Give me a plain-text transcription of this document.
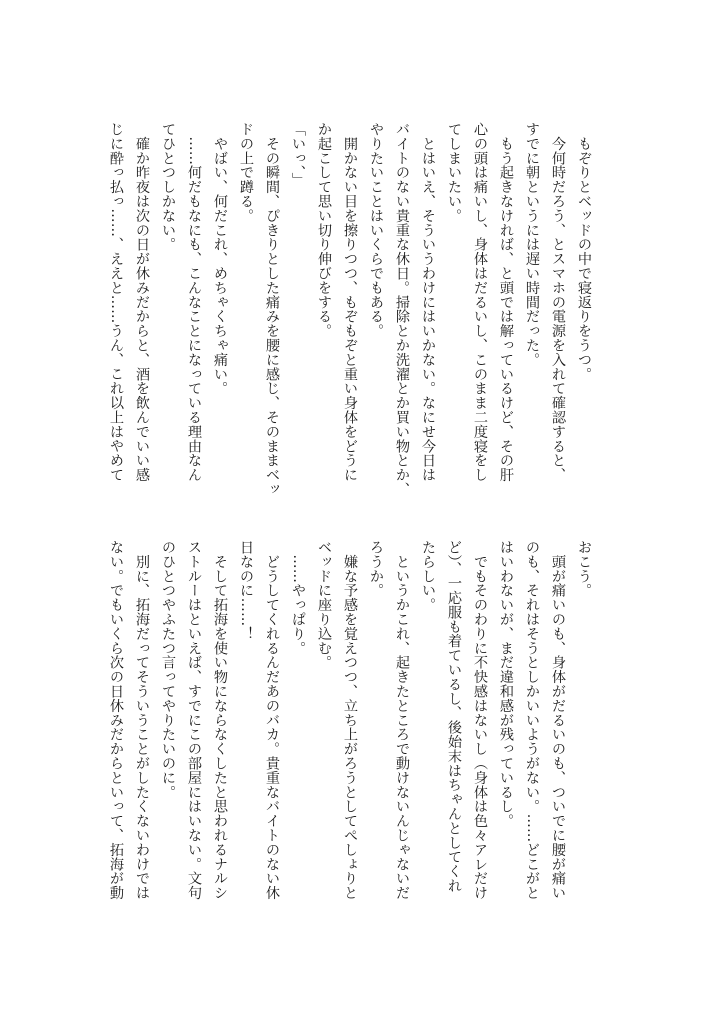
　もぞりとベッドの中で寝返りをうつ。
　今何時だろう、とスマホの電源を入れて確認すると、
すでに朝というには遅い時間だった。
　もう起きなければ、と頭では解っているけど、その肝
心の頭は痛いし、身体はだるいし、このまま二度寝をし
てしまいたい。
　とはいえ、そういうわけにはいかない。なにせ今日は
バイトのない貴重な休日。掃除とか洗濯とか買い物とか、
やりたいことはいくらでもある。
　開かない目を擦りつつ、もぞもぞと重い身体をどうに
か起こして思い切り伸びをする。
「いっ、」
　その瞬間、ぴきりとした痛みを腰に感じ、そのままベッ
ドの上で蹲る。
　やばい、何だこれ、めちゃくちゃ痛い。
　……何だもなにも、こんなことになっている理由なん
てひとつしかない。
　確か昨夜は次の日が休みだからと、酒を飲んでいい感
じに酔っ払っ……、ええと……うん、これ以上はやめて
おこう。
　頭が痛いのも、身体がだるいのも、ついでに腰が痛い
のも、それはそうとしかいいようがない。……どこがと
はいわないが、まだ違和感が残っているし。
　でもそのわりに不快感はないし（身体は色々アレだけ
ど）、一応服も着ているし、後始末はちゃんとしてくれ
たらしい。
　というかこれ、起きたところで動けないんじゃないだ
ろうか。
　嫌な予感を覚えつつ、立ち上がろうとしてぺしょりと
ベッドに座り込む。
　……やっぱり。
　どうしてくれるんだあのバカ。貴重なバイトのない休
日なのに……！
　そして拓海を使い物にならなくしたと思われるナルシ
ストルーはといえば、すでにこの部屋にはいない。文句
のひとつやふたつ言ってやりたいのに。
　別に、拓海だってそういうことがしたくないわけでは
ない。でもいくら次の日休みだからといって、拓海が動
